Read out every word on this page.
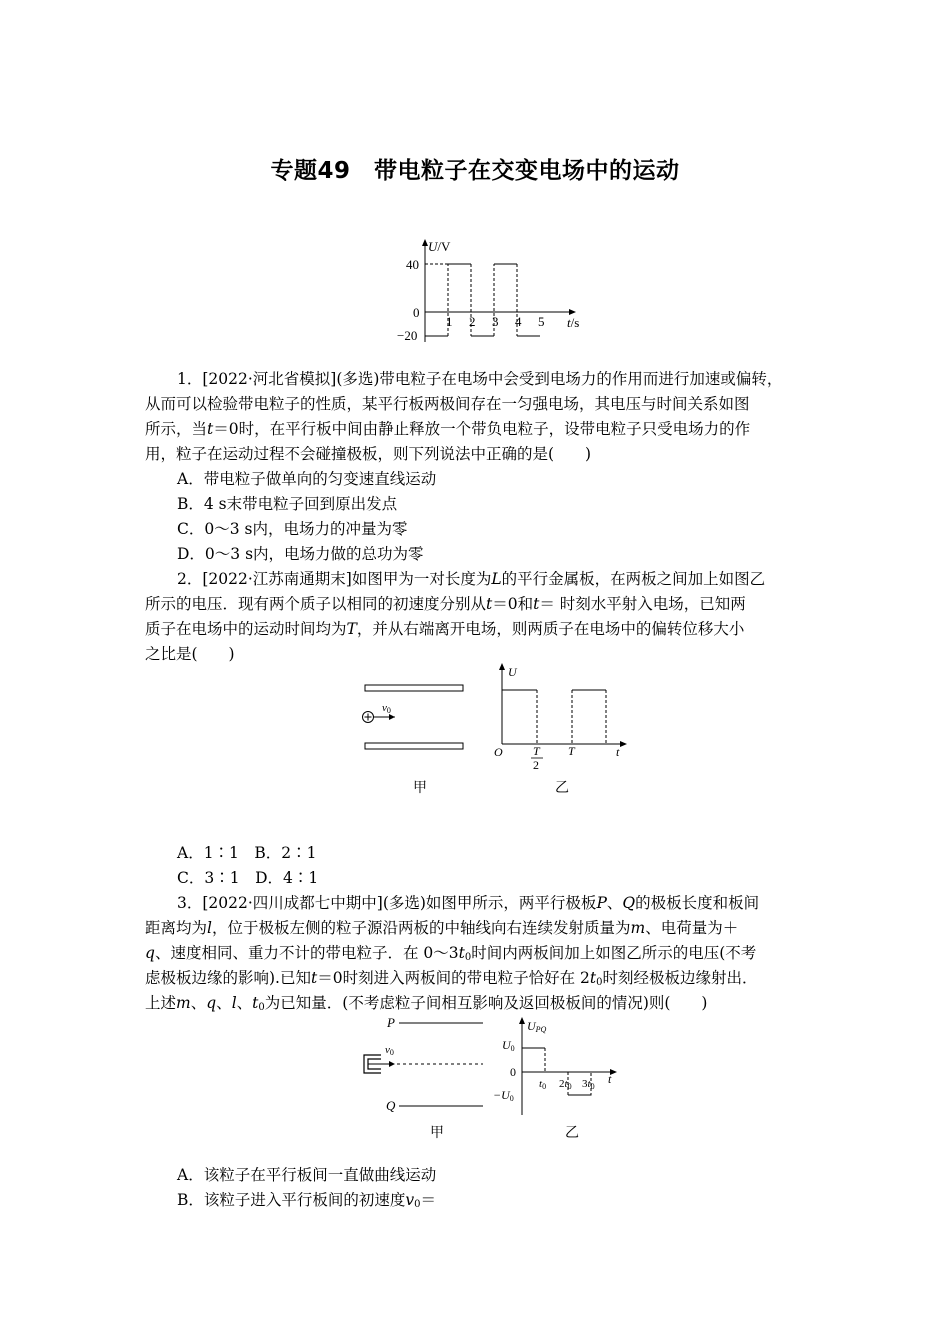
专题49　带电粒子在交变电场中的运动
U/V
t/s
40
0
−20
1 2 3 4 5
1．[2022·河北省模拟](多选)带电粒子在电场中会受到电场力的作用而进行加速或偏转，
从而可以检验带电粒子的性质，某平行板两极间存在一匀强电场，其电压与时间关系如图
所示，当t＝0时，在平行板中间由静止释放一个带负电粒子，设带电粒子只受电场力的作
用，粒子在运动过程不会碰撞极板，则下列说法中正确的是(　　)
A．带电粒子做单向的匀变速直线运动
B．4 s末带电粒子回到原出发点
C．0～3 s内，电场力的冲量为零
D．0～3 s内，电场力做的总功为零
2．[2022·江苏南通期末]如图甲为一对长度为L的平行金属板，在两板之间加上如图乙
所示的电压．现有两个质子以相同的初速度分别从t＝0和t＝ 时刻水平射入电场，已知两
质子在电场中的运动时间均为T，并从右端离开电场，则两质子在电场中的偏转位移大小
之比是(　　)
v0
甲
U
t
O	T
2
T
乙
A．1∶1　B．2∶1
C．3∶1　D．4∶1
3．[2022·四川成都七中期中](多选)如图甲所示，两平行极板P、Q的极板长度和板间
距离均为l，位于极板左侧的粒子源沿两板的中轴线向右连续发射质量为m、电荷量为＋
q、速度相同、重力不计的带电粒子．在 $0\sim 3t_0$时间内两板间加上如图乙所示的电压(不考
虑极板边缘的影响).已知t＝0时刻进入两板间的带电粒子恰好在 $2t_0$时刻经极板边缘射出．
上述m、q、l、$t_0$为已知量．(不考虑粒子间相互影响及返回极板间的情况)则(　　)
P
Q
v0
甲
UPQ
U0
0
−U0
t
t0 2t0 3t0
乙
A．该粒子在平行板间一直做曲线运动
B．该粒子进入平行板间的初速度$v_0=$
